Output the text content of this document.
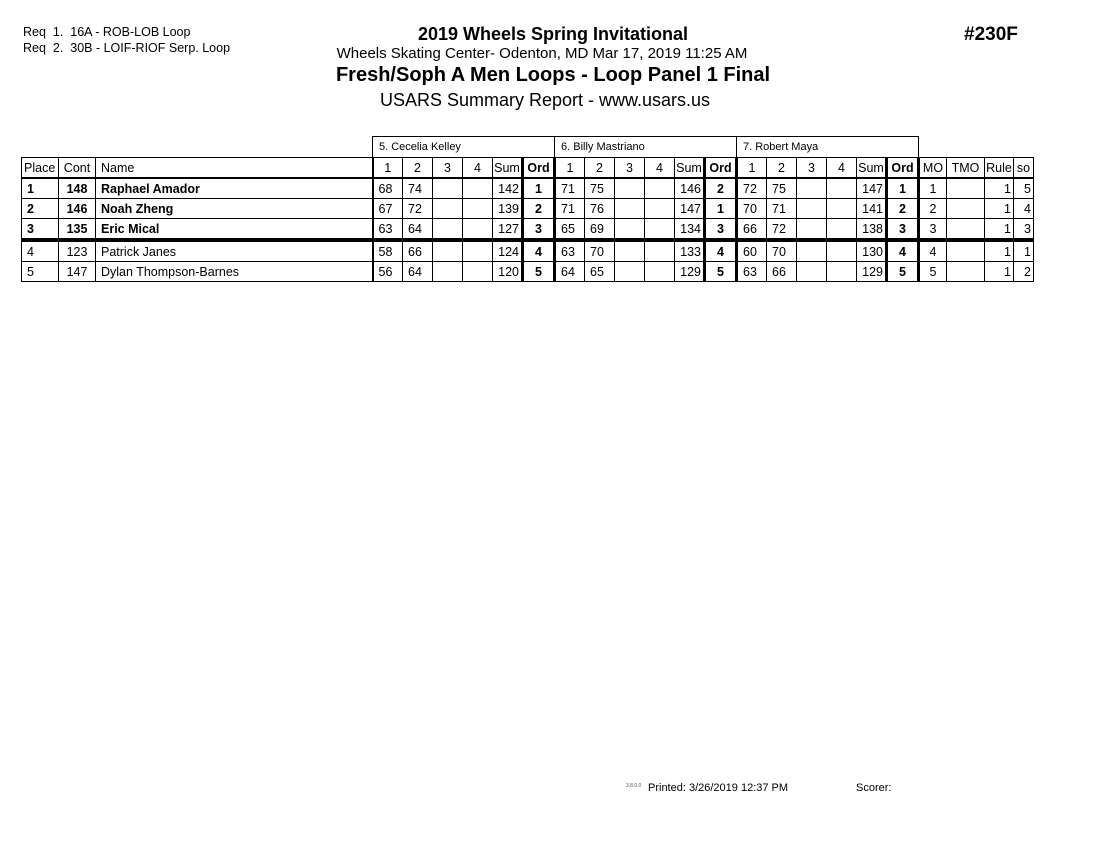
Req  1.  16A - ROB-LOB Loop
Req  2.  30B - LOIF-RIOF Serp. Loop
2019 Wheels Spring Invitational
Wheels Skating Center- Odenton, MD Mar 17, 2019 11:25 AM
Fresh/Soph A Men Loops - Loop Panel 1 Final
USARS Summary Report - www.usars.us
#230F
			5. Cecelia Kelley						6. Billy Mastriano						7. Robert Maya									
Place	Cont	Name	1	2	3	4	Sum	Ord	1	2	3	4	Sum	Ord	1	2	3	4	Sum	Ord	MO	TMO	Rule	so
1	148	Raphael Amador	68	74			142	1	71	75			146	2	72	75			147	1	1		1	5
2	146	Noah Zheng	67	72			139	2	71	76			147	1	70	71			141	2	2		1	4
3	135	Eric Mical	63	64			127	3	65	69			134	3	66	72			138	3	3		1	3
4	123	Patrick Janes	58	66			124	4	63	70			133	4	60	70			130	4	4		1	1
5	147	Dylan Thompson-Barnes	56	64			120	5	64	65			129	5	63	66			129	5	5		1	2
3.8.0.0 Printed: 3/26/2019 12:37 PM	Scorer:
